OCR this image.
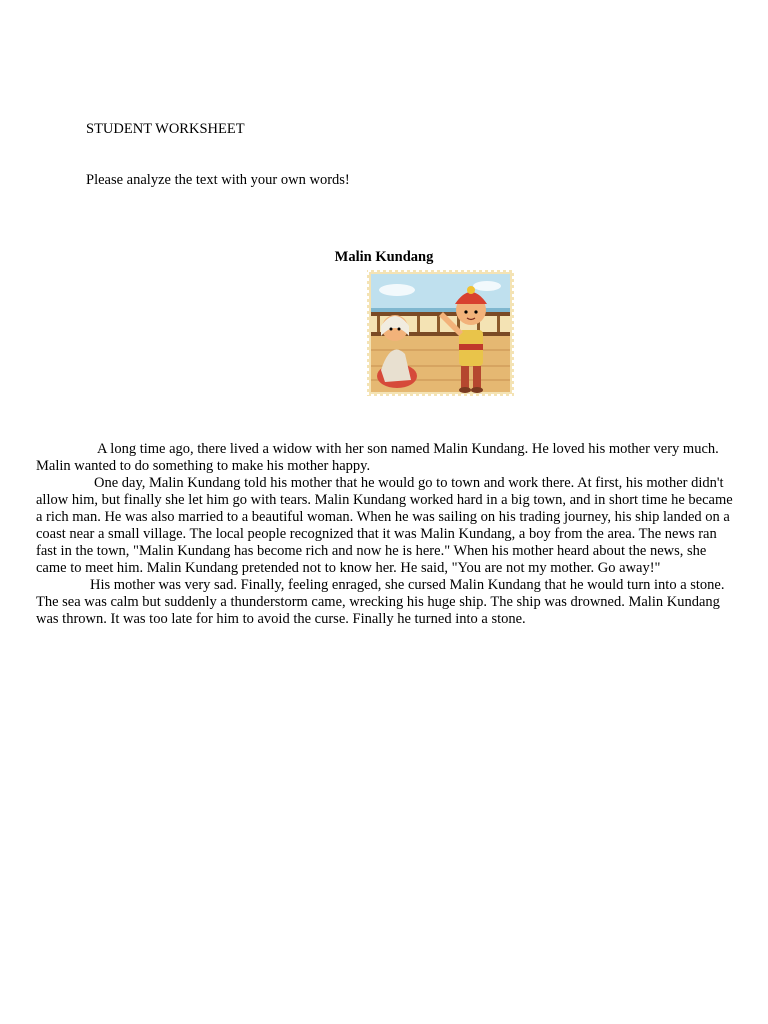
STUDENT WORKSHEET

Please analyze the text with your own words!

Malin Kundang

A long time ago, there lived a widow with her son named Malin Kundang. He loved his mother very much. Malin wanted to do something to make his mother happy.

One day, Malin Kundang told his mother that he would go to town and work there. At first, his mother didn't allow him, but finally she let him go with tears. Malin Kundang worked hard in a big town, and in short time he became a rich man. He was also married to a beautiful woman. When he was sailing on his trading journey, his ship landed on a coast near a small village. The local people recognized that it was Malin Kundang, a boy from the area. The news ran fast in the town, "Malin Kundang has become rich and now he is here." When his mother heard about the news, she came to meet him. Malin Kundang pretended not to know her. He said, "You are not my mother. Go away!"

His mother was very sad. Finally, feeling enraged, she cursed Malin Kundang that he would turn into a stone. The sea was calm but suddenly a thunderstorm came, wrecking his huge ship. The ship was drowned. Malin Kundang was thrown. It was too late for him to avoid the curse. Finally he turned into a stone.
